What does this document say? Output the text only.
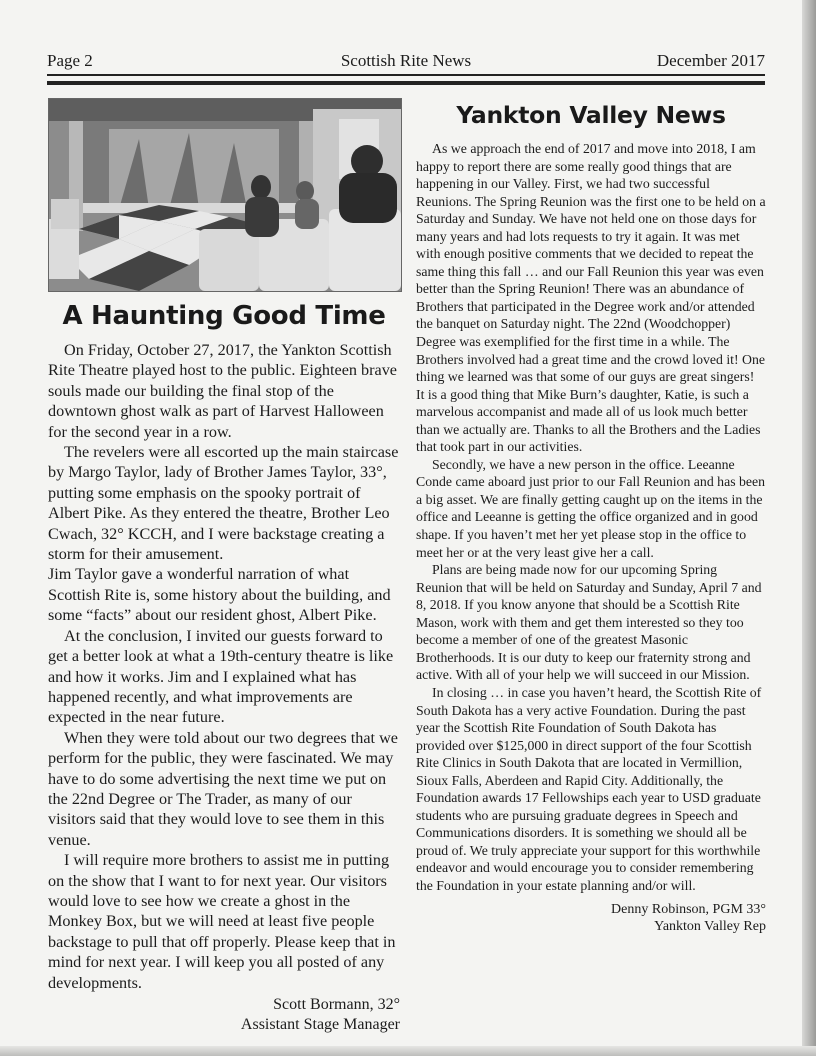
Page 2	Scottish Rite News	December 2017
A Haunting Good Time

On Friday, October 27, 2017, the Yankton Scottish Rite Theatre played host to the public. Eighteen brave souls made our building the final stop of the downtown ghost walk as part of Harvest Halloween for the second year in a row.

The revelers were all escorted up the main staircase by Margo Taylor, lady of Brother James Taylor, 33°, putting some emphasis on the spooky portrait of Albert Pike. As they entered the theatre, Brother Leo Cwach, 32° KCCH, and I were backstage creating a storm for their amusement.

Jim Taylor gave a wonderful narration of what Scottish Rite is, some history about the building, and some “facts” about our resident ghost, Albert Pike.

At the conclusion, I invited our guests forward to get a better look at what a 19th-century theatre is like and how it works. Jim and I explained what has happened recently, and what improvements are expected in the near future.

When they were told about our two degrees that we perform for the public, they were fascinated. We may have to do some advertising the next time we put on the 22nd Degree or The Trader, as many of our visitors said that they would love to see them in this venue.

I will require more brothers to assist me in putting on the show that I want to for next year. Our visitors would love to see how we create a ghost in the Monkey Box, but we will need at least five people backstage to pull that off properly. Please keep that in mind for next year. I will keep you all posted of any developments.

Scott Bormann, 32°
Assistant Stage Manager
Yankton Valley News

As we approach the end of 2017 and move into 2018, I am happy to report there are some really good things that are happening in our Valley. First, we had two successful Reunions. The Spring Reunion was the first one to be held on a Saturday and Sunday. We have not held one on those days for many years and had lots requests to try it again. It was met with enough positive comments that we decided to repeat the same thing this fall … and our Fall Reunion this year was even better than the Spring Reunion! There was an abundance of Brothers that participated in the Degree work and/or attended the banquet on Saturday night. The 22nd (Woodchopper) Degree was exemplified for the first time in a while. The Brothers involved had a great time and the crowd loved it! One thing we learned was that some of our guys are great singers! It is a good thing that Mike Burn’s daughter, Katie, is such a marvelous accompanist and made all of us look much better than we actually are. Thanks to all the Brothers and the Ladies that took part in our activities.

Secondly, we have a new person in the office. Leeanne Conde came aboard just prior to our Fall Reunion and has been a big asset. We are finally getting caught up on the items in the office and Leeanne is getting the office organized and in good shape. If you haven’t met her yet please stop in the office to meet her or at the very least give her a call.

Plans are being made now for our upcoming Spring Reunion that will be held on Saturday and Sunday, April 7 and 8, 2018. If you know anyone that should be a Scottish Rite Mason, work with them and get them interested so they too become a member of one of the greatest Masonic Brotherhoods. It is our duty to keep our fraternity strong and active. With all of your help we will succeed in our Mission.

In closing … in case you haven’t heard, the Scottish Rite of South Dakota has a very active Foundation. During the past year the Scottish Rite Foundation of South Dakota has provided over $125,000 in direct support of the four Scottish Rite Clinics in South Dakota that are located in Vermillion, Sioux Falls, Aberdeen and Rapid City. Additionally, the Foundation awards 17 Fellowships each year to USD graduate students who are pursuing graduate degrees in Speech and Communications disorders. It is something we should all be proud of. We truly appreciate your support for this worthwhile endeavor and would encourage you to consider remembering the Foundation in your estate planning and/or will.

Denny Robinson, PGM 33°
Yankton Valley Rep
